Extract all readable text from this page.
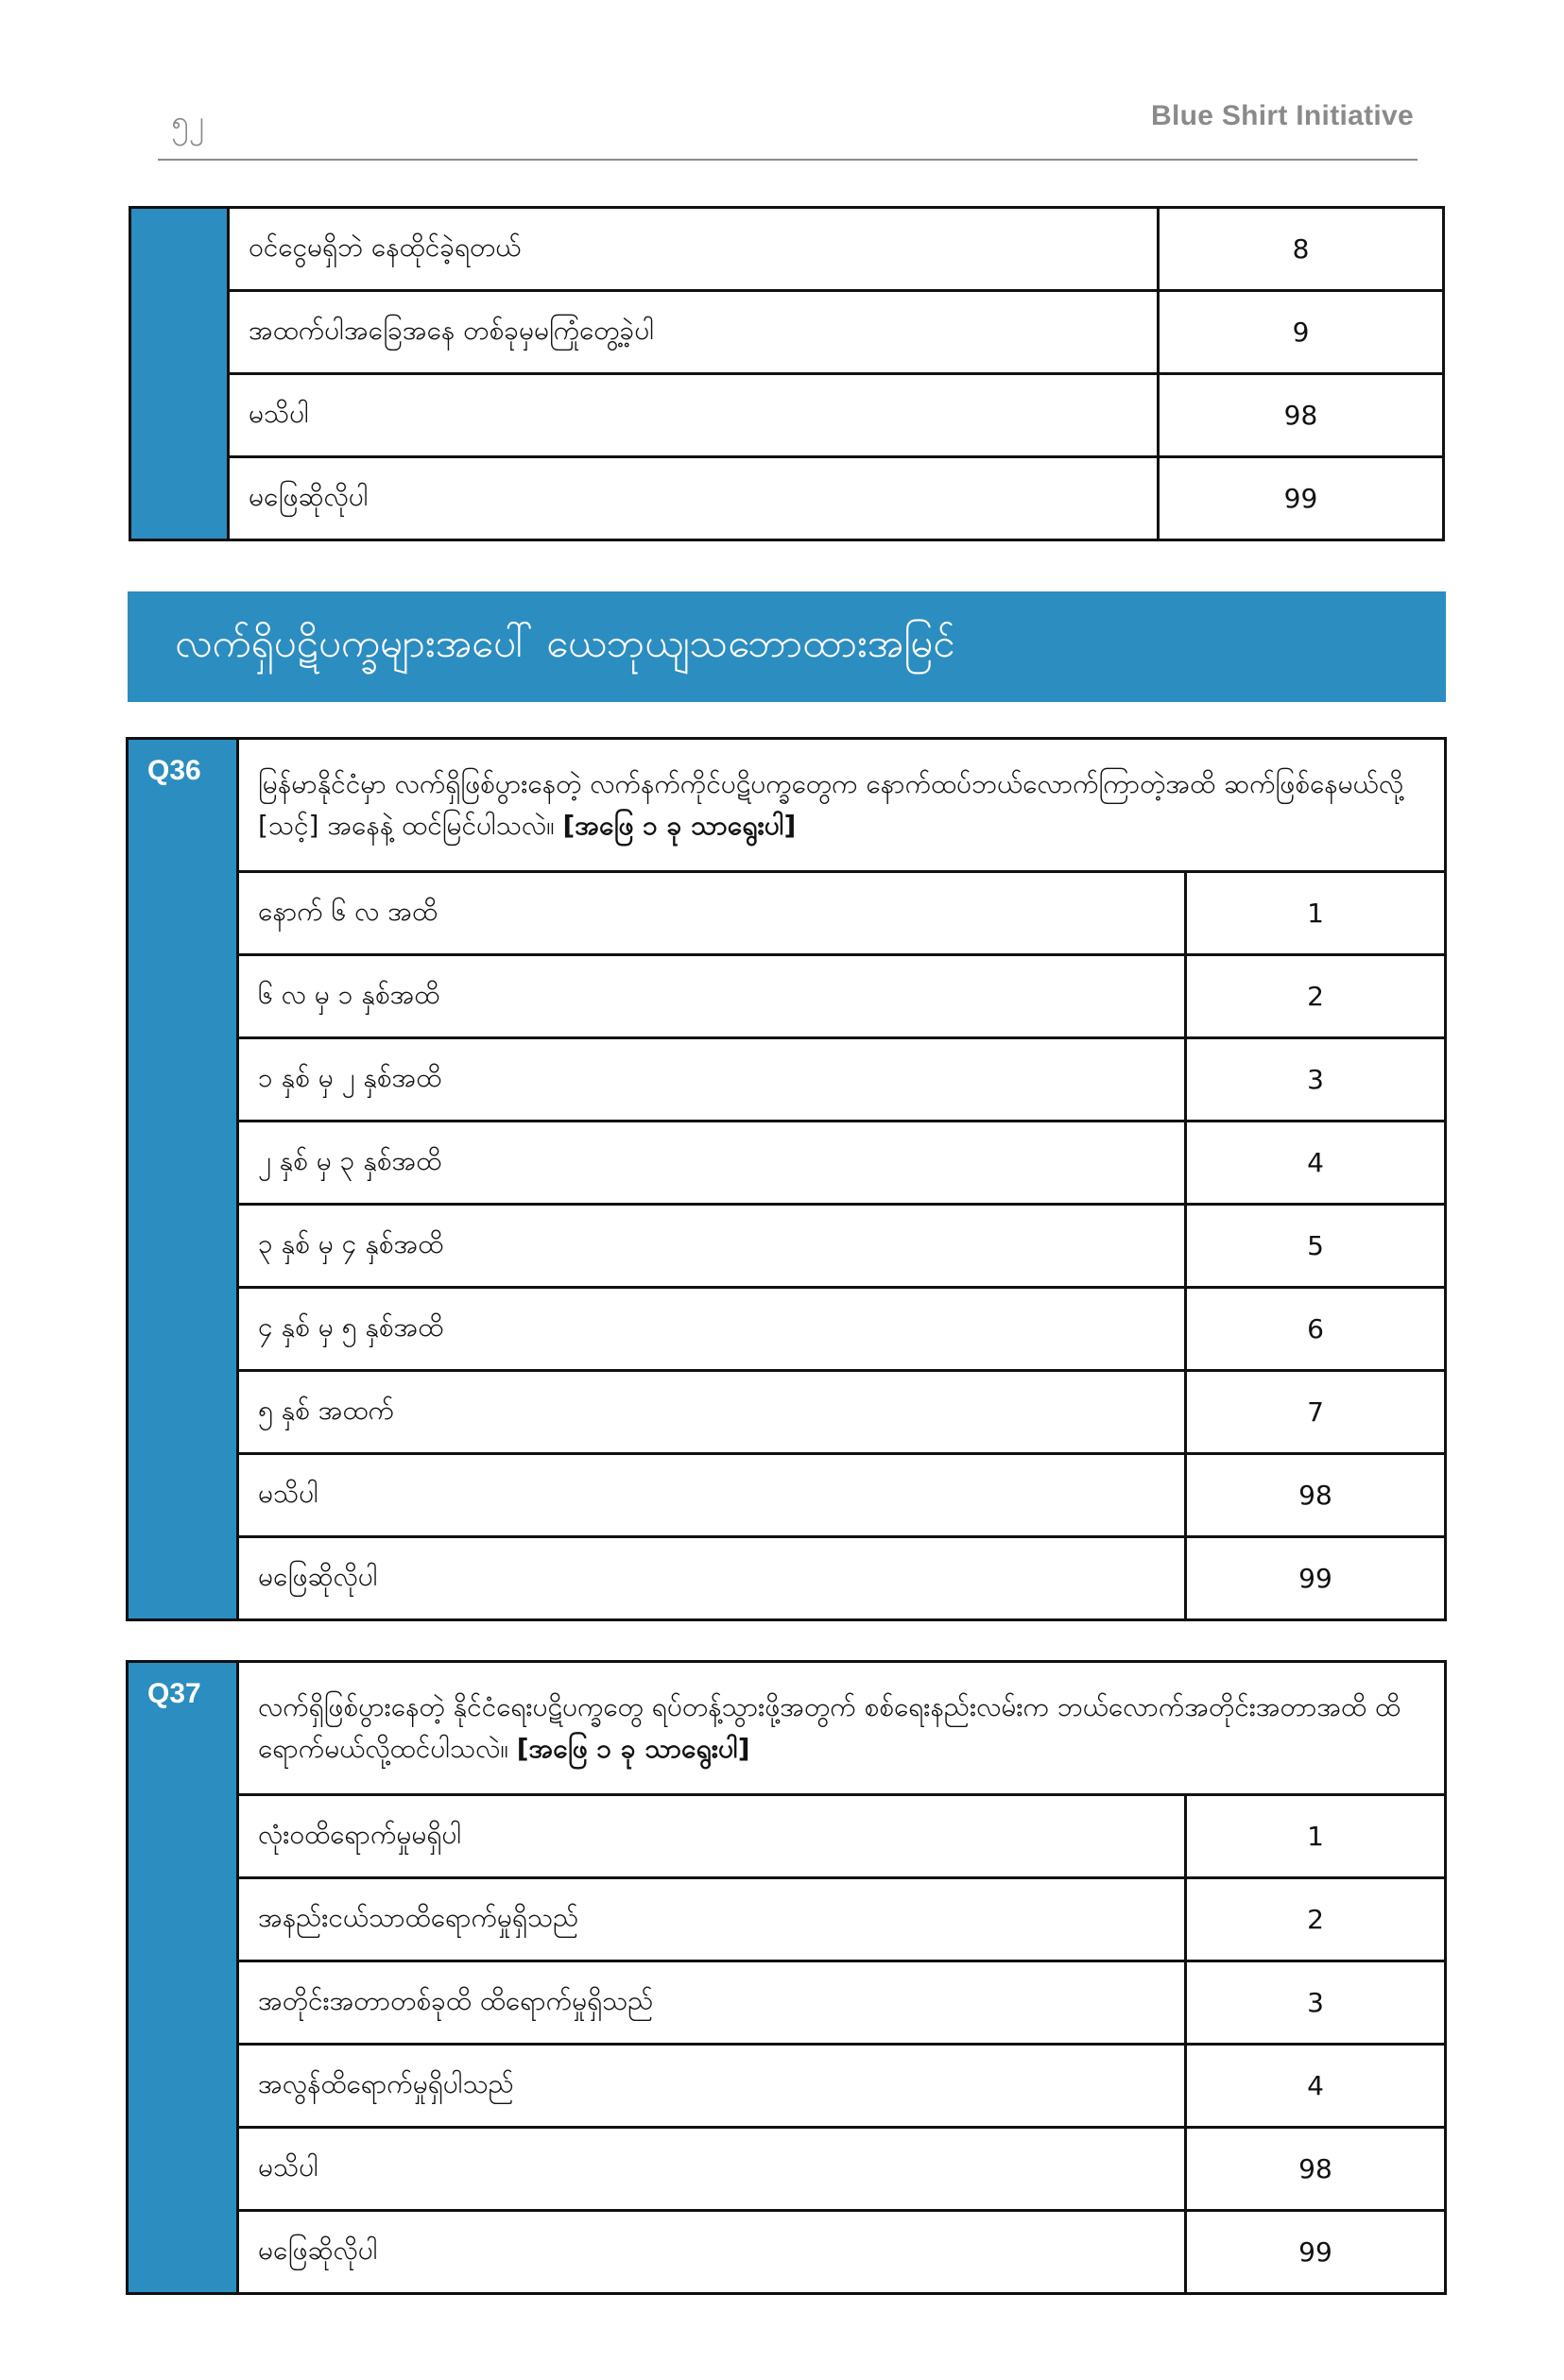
၅၂	Blue Shirt Initiative
	ဝင်ငွေမရှိဘဲ နေထိုင်ခဲ့ရတယ်	8
	အထက်ပါအခြေအနေ တစ်ခုမှမကြုံတွေ့ခဲ့ပါ	9
	မသိပါ	98
	မဖြေဆိုလိုပါ	99
လက်ရှိပဋိပက္ခများအပေါ် ယေဘုယျသဘောထားအမြင်
Q36	မြန်မာနိုင်ငံမှာ လက်ရှိဖြစ်ပွားနေတဲ့ လက်နက်ကိုင်ပဋိပက္ခတွေက နောက်ထပ်ဘယ်လောက်ကြာတဲ့အထိ ဆက်ဖြစ်နေမယ်လို့ [သင့်] အနေနဲ့ ထင်မြင်ပါသလဲ။ [အဖြေ ၁ ခု သာရွေးပါ]	
	နောက် ၆ လ အထိ	1
	၆ လ မှ ၁ နှစ်အထိ	2
	၁ နှစ် မှ ၂ နှစ်အထိ	3
	၂ နှစ် မှ ၃ နှစ်အထိ	4
	၃ နှစ် မှ ၄ နှစ်အထိ	5
	၄ နှစ် မှ ၅ နှစ်အထိ	6
	၅ နှစ် အထက်	7
	မသိပါ	98
	မဖြေဆိုလိုပါ	99
Q37	လက်ရှိဖြစ်ပွားနေတဲ့ နိုင်ငံရေးပဋိပက္ခတွေ ရပ်တန့်သွားဖို့အတွက် စစ်ရေးနည်းလမ်းက ဘယ်လောက်အတိုင်းအတာအထိ ထိရောက်မယ်လို့ထင်ပါသလဲ။ [အဖြေ ၁ ခု သာရွေးပါ]	
	လုံးဝထိရောက်မှုမရှိပါ	1
	အနည်းငယ်သာထိရောက်မှုရှိသည်	2
	အတိုင်းအတာတစ်ခုထိ ထိရောက်မှုရှိသည်	3
	အလွန်ထိရောက်မှုရှိပါသည်	4
	မသိပါ	98
	မဖြေဆိုလိုပါ	99
